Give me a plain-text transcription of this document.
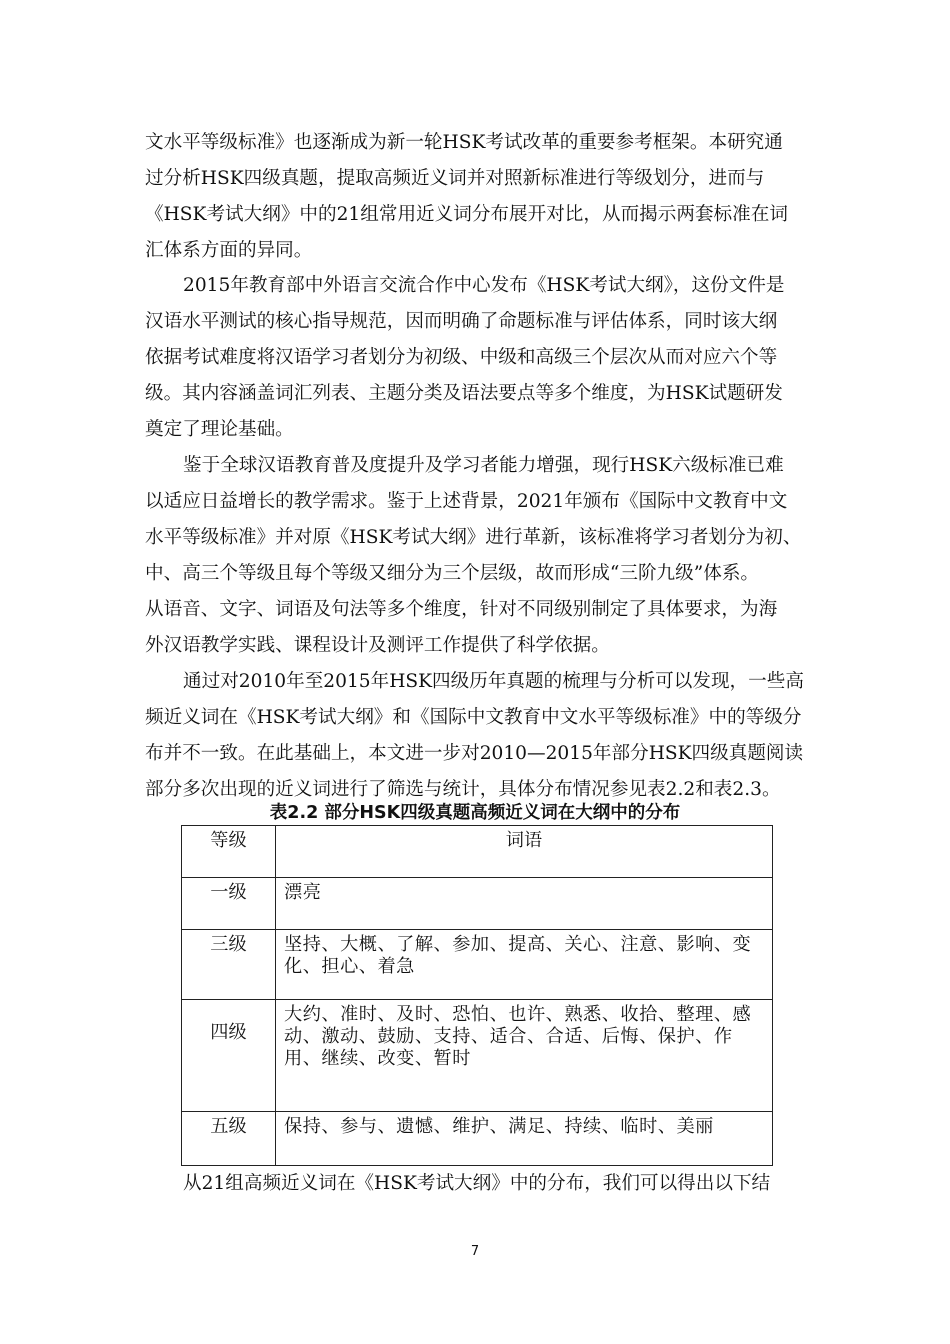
文水平等级标准》也逐渐成为新一轮HSK考试改革的重要参考框架。本研究通
过分析HSK四级真题，提取高频近义词并对照新标准进行等级划分，进而与
《HSK考试大纲》中的21组常用近义词分布展开对比，从而揭示两套标准在词
汇体系方面的异同。
2015年教育部中外语言交流合作中心发布《HSK考试大纲》，这份文件是
汉语水平测试的核心指导规范，因而明确了命题标准与评估体系，同时该大纲
依据考试难度将汉语学习者划分为初级、中级和高级三个层次从而对应六个等
级。其内容涵盖词汇列表、主题分类及语法要点等多个维度，为HSK试题研发
奠定了理论基础。
鉴于全球汉语教育普及度提升及学习者能力增强，现行HSK六级标准已难
以适应日益增长的教学需求。鉴于上述背景，2021年颁布《国际中文教育中文
水平等级标准》并对原《HSK考试大纲》进行革新，该标准将学习者划分为初、
中、高三个等级且每个等级又细分为三个层级，故而形成“三阶九级”体系。
从语音、文字、词语及句法等多个维度，针对不同级别制定了具体要求，为海
外汉语教学实践、课程设计及测评工作提供了科学依据。
通过对2010年至2015年HSK四级历年真题的梳理与分析可以发现，一些高
频近义词在《HSK考试大纲》和《国际中文教育中文水平等级标准》中的等级分
布并不一致。在此基础上，本文进一步对2010—2015年部分HSK四级真题阅读
部分多次出现的近义词进行了筛选与统计，具体分布情况参见表2.2和表2.3。
表2.2 部分HSK四级真题高频近义词在大纲中的分布
等级	词语
一级	漂亮
三级	坚持、大概、了解、参加、提高、关心、注意、影响、变化、担心、着急
四级	大约、准时、及时、恐怕、也许、熟悉、收拾、整理、感动、激动、鼓励、支持、适合、合适、后悔、保护、作用、继续、改变、暂时
五级	保持、参与、遗憾、维护、满足、持续、临时、美丽
从21组高频近义词在《HSK考试大纲》中的分布，我们可以得出以下结
7
